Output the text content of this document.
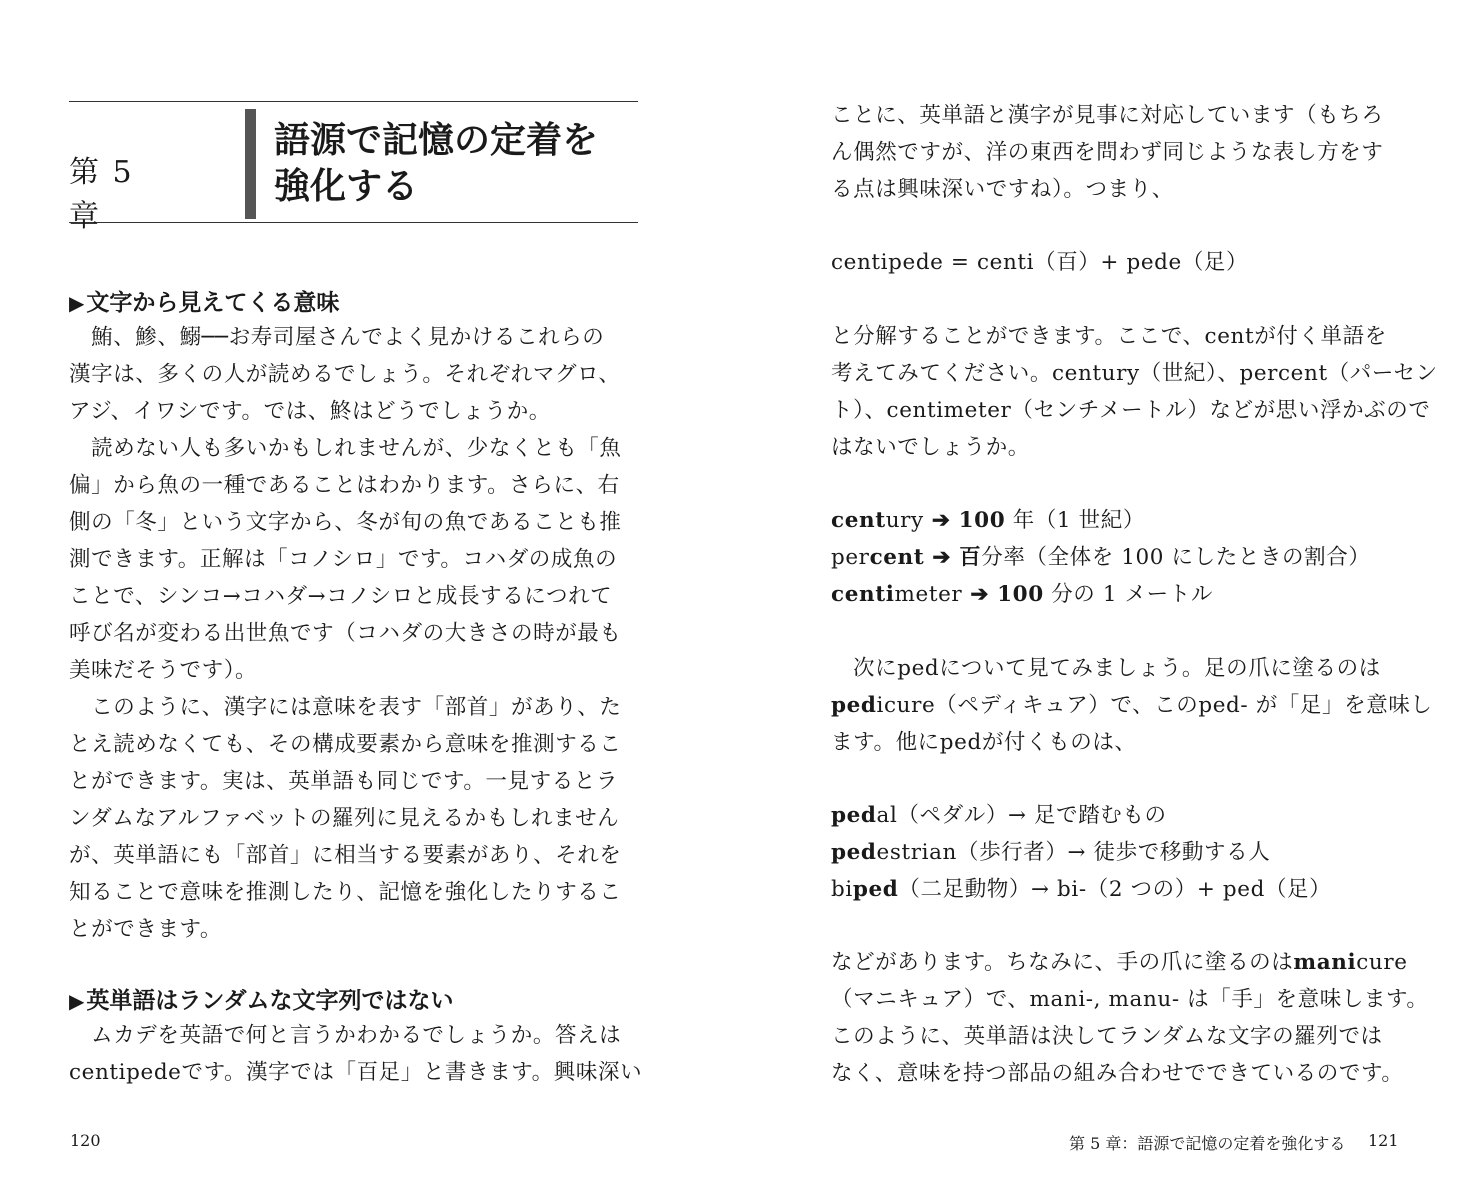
第 5 章
語源で記憶の定着を
強化する
▶文字から見えてくる意味
　鮪、鯵、鰯──お寿司屋さんでよく見かけるこれらの
漢字は、多くの人が読めるでしょう。それぞれマグロ、
アジ、イワシです。では、鮗はどうでしょうか。
　読めない人も多いかもしれませんが、少なくとも「魚
偏」から魚の一種であることはわかります。さらに、右
側の「冬」という文字から、冬が旬の魚であることも推
測できます。正解は「コノシロ」です。コハダの成魚の
ことで、シンコ→コハダ→コノシロと成長するにつれて
呼び名が変わる出世魚です（コハダの大きさの時が最も
美味だそうです）。
　このように、漢字には意味を表す「部首」があり、た
とえ読めなくても、その構成要素から意味を推測するこ
とができます。実は、英単語も同じです。一見するとラ
ンダムなアルファベットの羅列に見えるかもしれません
が、英単語にも「部首」に相当する要素があり、それを
知ることで意味を推測したり、記憶を強化したりするこ
とができます。
▶英単語はランダムな文字列ではない
　ムカデを英語で何と言うかわかるでしょうか。答えは
centipedeです。漢字では「百足」と書きます。興味深い
120
ことに、英単語と漢字が見事に対応しています（もちろ
ん偶然ですが、洋の東西を問わず同じような表し方をす
る点は興味深いですね）。つまり、
centipede = centi（百）+ pede（足）
と分解することができます。ここで、centが付く単語を
考えてみてください。century（世紀）、percent（パーセン
ト）、centimeter（センチメートル）などが思い浮かぶので
はないでしょうか。
century ➔ 100 年（1 世紀）
percent ➔ 百分率（全体を 100 にしたときの割合）
centimeter ➔ 100 分の 1 メートル
次にpedについて見てみましょう。足の爪に塗るのは
pedicure（ペディキュア）で、このped- が「足」を意味し
ます。他にpedが付くものは、
pedal（ペダル）→ 足で踏むもの
pedestrian（歩行者）→ 徒歩で移動する人
biped（二足動物）→ bi-（2 つの）+ ped（足）
などがあります。ちなみに、手の爪に塗るのはmanicure
（マニキュア）で、mani-, manu- は「手」を意味します。
このように、英単語は決してランダムな文字の羅列では
なく、意味を持つ部品の組み合わせでできているのです。
第 5 章：語源で記憶の定着を強化する 121
